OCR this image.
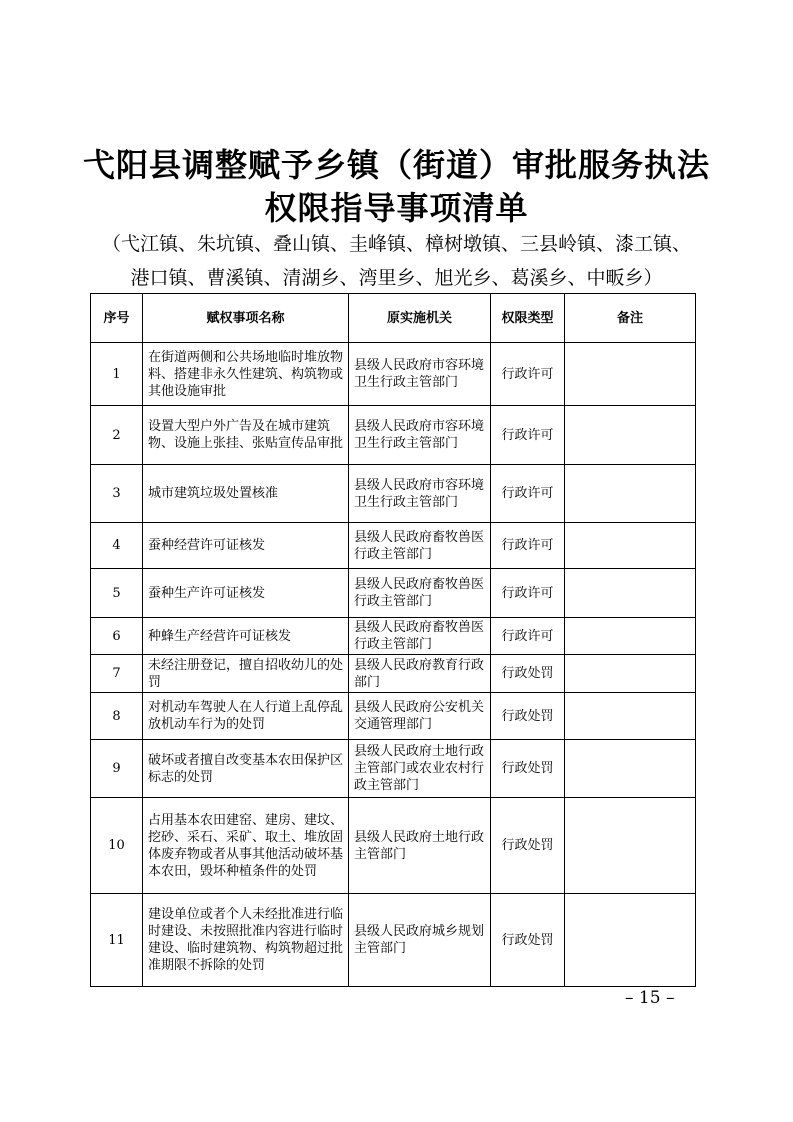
弋阳县调整赋予乡镇（街道）审批服务执法
权限指导事项清单
（弋江镇、朱坑镇、叠山镇、圭峰镇、樟树墩镇、三县岭镇、漆工镇、
港口镇、曹溪镇、清湖乡、湾里乡、旭光乡、葛溪乡、中畈乡）
序号	赋权事项名称	原实施机关	权限类型	备注
1	在街道两侧和公共场地临时堆放物料、搭建非永久性建筑、构筑物或其他设施审批	县级人民政府市容环境卫生行政主管部门	行政许可	
2	设置大型户外广告及在城市建筑物、设施上张挂、张贴宣传品审批	县级人民政府市容环境卫生行政主管部门	行政许可	
3	城市建筑垃圾处置核准	县级人民政府市容环境卫生行政主管部门	行政许可	
4	蚕种经营许可证核发	县级人民政府畜牧兽医行政主管部门	行政许可	
5	蚕种生产许可证核发	县级人民政府畜牧兽医行政主管部门	行政许可	
6	种蜂生产经营许可证核发	县级人民政府畜牧兽医行政主管部门	行政许可	
7	未经注册登记，擅自招收幼儿的处罚	县级人民政府教育行政部门	行政处罚	
8	对机动车驾驶人在人行道上乱停乱放机动车行为的处罚	县级人民政府公安机关交通管理部门	行政处罚	
9	破坏或者擅自改变基本农田保护区标志的处罚	县级人民政府土地行政主管部门或农业农村行政主管部门	行政处罚	
10	占用基本农田建窑、建房、建坟、挖砂、采石、采矿、取土、堆放固体废弃物或者从事其他活动破坏基本农田，毁坏种植条件的处罚	县级人民政府土地行政主管部门	行政处罚	
11	建设单位或者个人未经批准进行临时建设、未按照批准内容进行临时建设、临时建筑物、构筑物超过批准期限不拆除的处罚	县级人民政府城乡规划主管部门	行政处罚	
– 15 –
